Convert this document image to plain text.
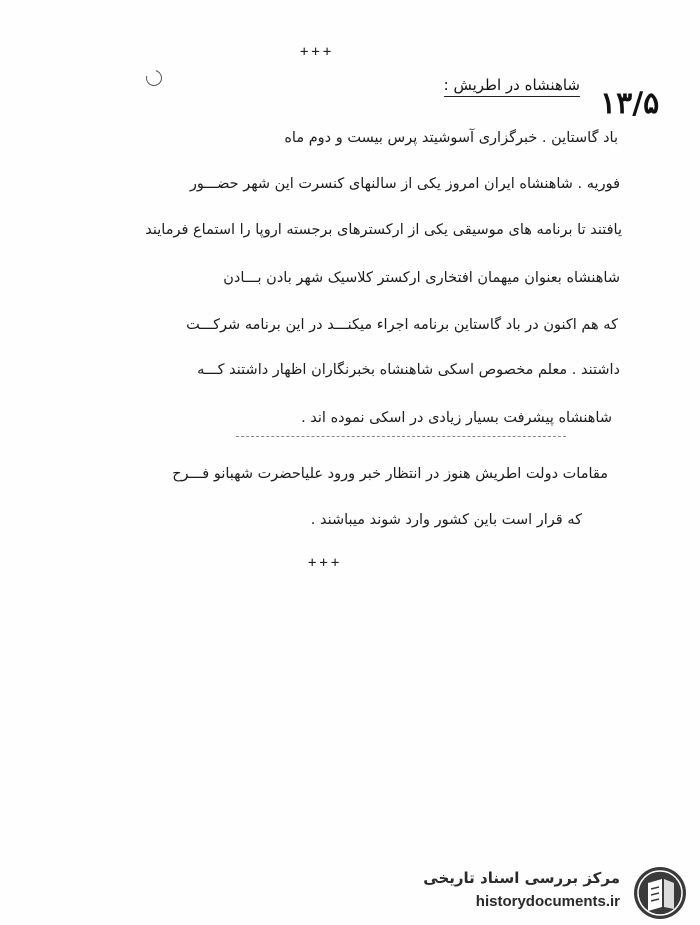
+++
۱۳/۵
شاهنشاه در اطریش :
باد گاستاین . خبرگزاری آسوشیتد پرس بیست و دوم ماه
فوریه . شاهنشاه ایران امروز یکی از سالنهای کنسرت این شهر حضـــور
یافتند تا برنامه های موسیقی یکی از ارکسترهای برجسته اروپا را استماع فرمایند
شاهنشاه بعنوان میهمان افتخاری ارکستر کلاسیک شهر بادن بـــادن
که هم اکنون در باد گاستاین برنامه اجراء میکنـــد در این برنامه شرکـــت
داشتند . معلم مخصوص اسکی شاهنشاه بخبرنگاران اظهار داشتند کـــه
شاهنشاه پیشرفت بسیار زیادی در اسکی نموده اند .
مقامات دولت اطریش هنوز در انتظار خبر ورود علیاحضرت شهبانو فـــرح
که قرار است باین کشور وارد شوند میباشند .
+++
مرکز بررسی اسناد تاریخی
historydocuments.ir
